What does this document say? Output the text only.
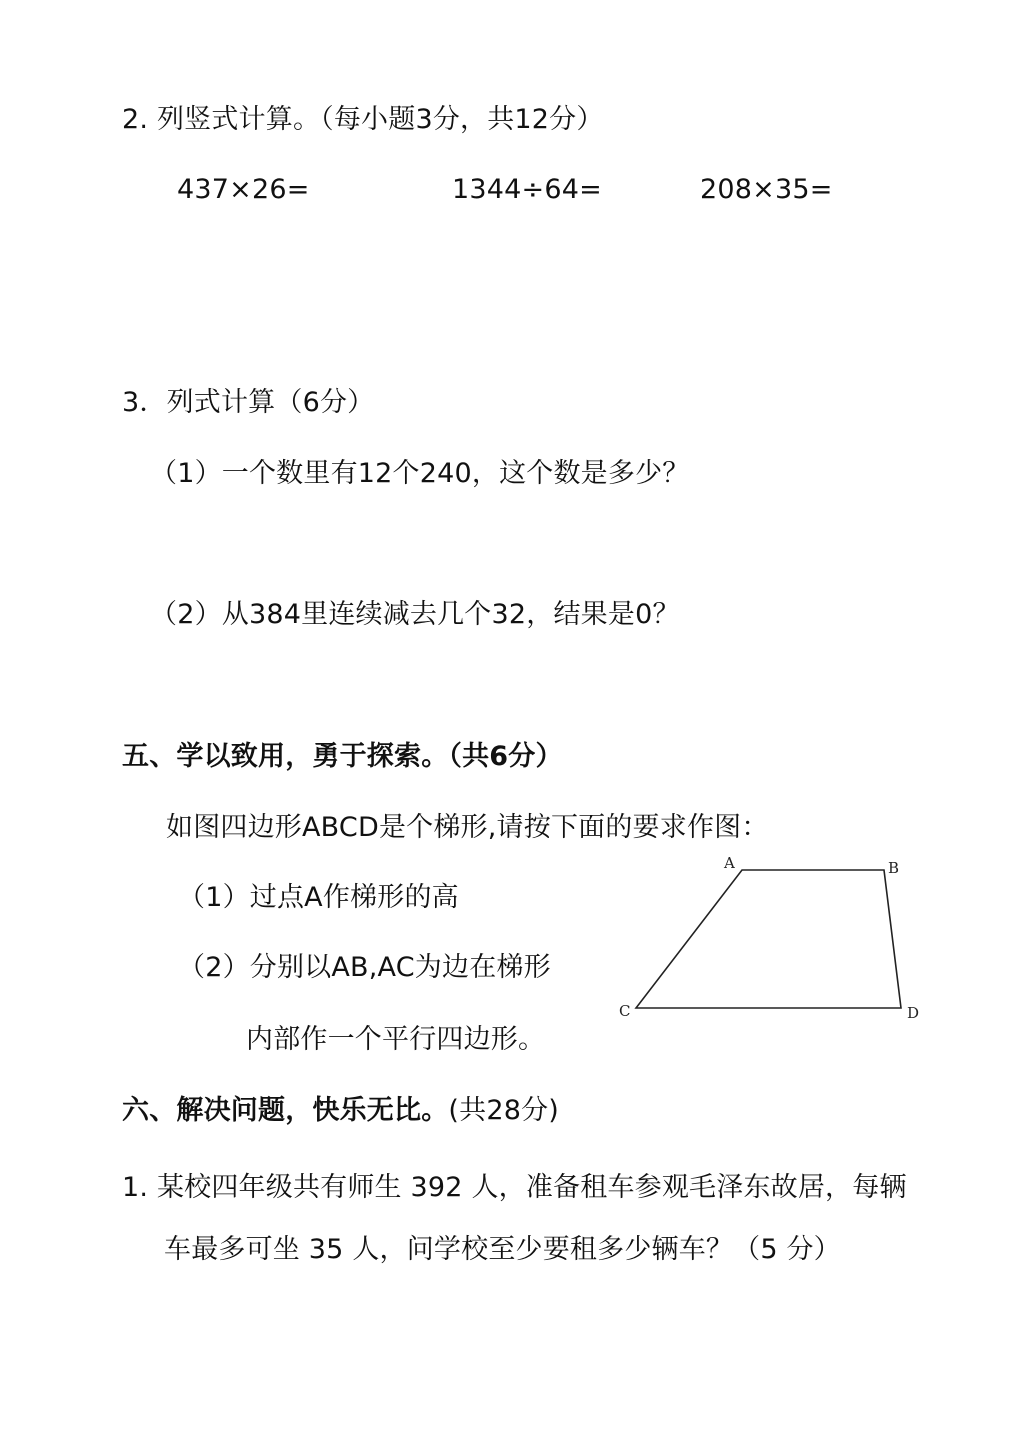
2. 列竖式计算。（每小题3分，共12分）
437×26=	1344÷64=	208×35=
3．列式计算（6分）
（1）一个数里有12个240，这个数是多少？
（2）从384里连续减去几个32，结果是0？
五、学以致用，勇于探索。（共6分）
如图四边形ABCD是个梯形,请按下面的要求作图：
（1）过点A作梯形的高
（2）分别以AB,AC为边在梯形
内部作一个平行四边形。
A	B
C	D
六、解决问题，快乐无比。(共28分)
1. 某校四年级共有师生 392 人，准备租车参观毛泽东故居，每辆
车最多可坐 35 人，问学校至少要租多少辆车？（5 分）
